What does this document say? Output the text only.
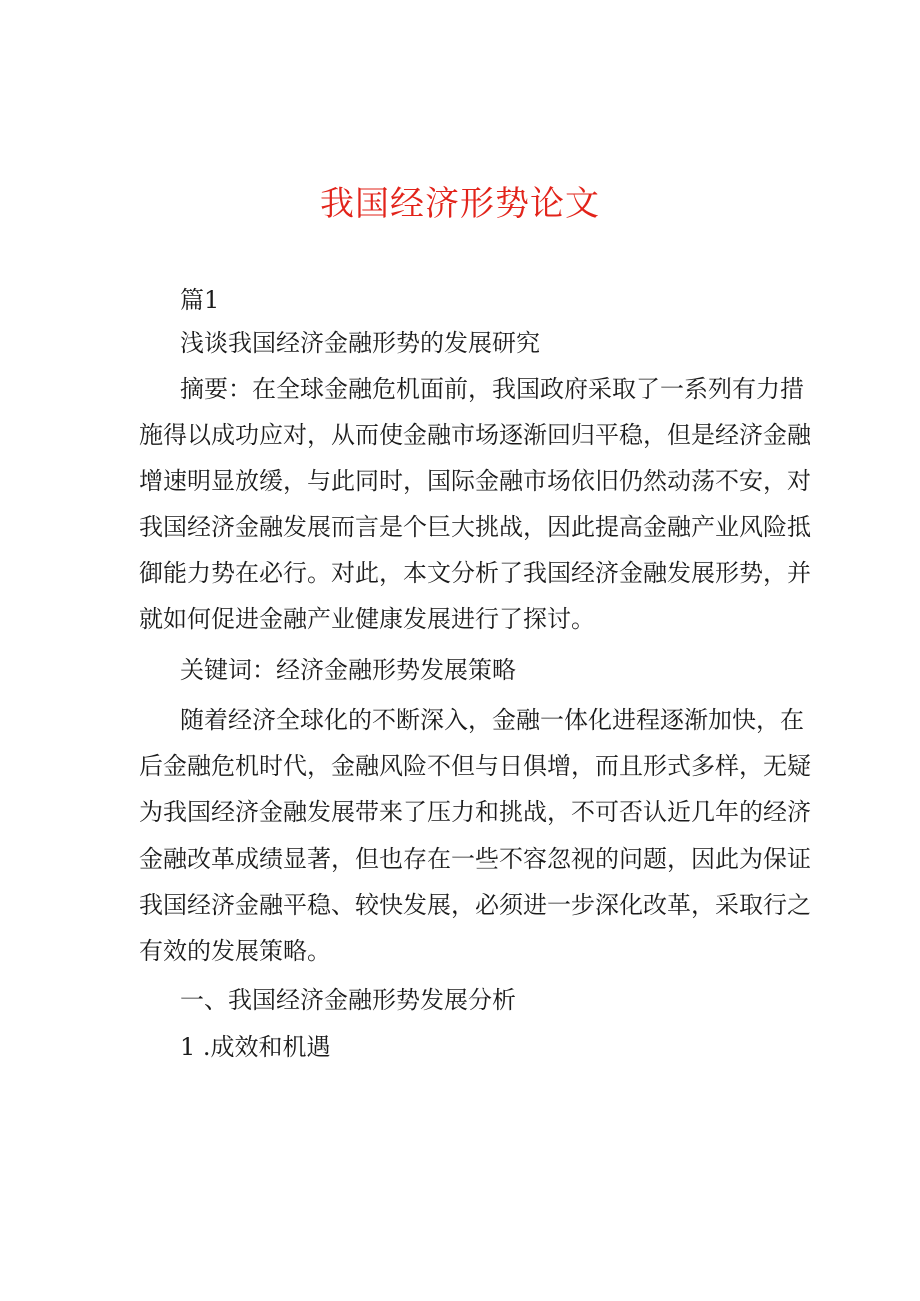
我国经济形势论文
篇1
浅谈我国经济金融形势的发展研究
摘要：在全球金融危机面前，我国政府采取了一系列有力措
施得以成功应对，从而使金融市场逐渐回归平稳，但是经济金融
增速明显放缓，与此同时，国际金融市场依旧仍然动荡不安，对
我国经济金融发展而言是个巨大挑战，因此提高金融产业风险抵
御能力势在必行。对此，本文分析了我国经济金融发展形势，并
就如何促进金融产业健康发展进行了探讨。
关键词：经济金融形势发展策略
随着经济全球化的不断深入，金融一体化进程逐渐加快，在
后金融危机时代，金融风险不但与日俱增，而且形式多样，无疑
为我国经济金融发展带来了压力和挑战，不可否认近几年的经济
金融改革成绩显著，但也存在一些不容忽视的问题，因此为保证
我国经济金融平稳、较快发展，必须进一步深化改革，采取行之
有效的发展策略。
一、我国经济金融形势发展分析
1 .成效和机遇
